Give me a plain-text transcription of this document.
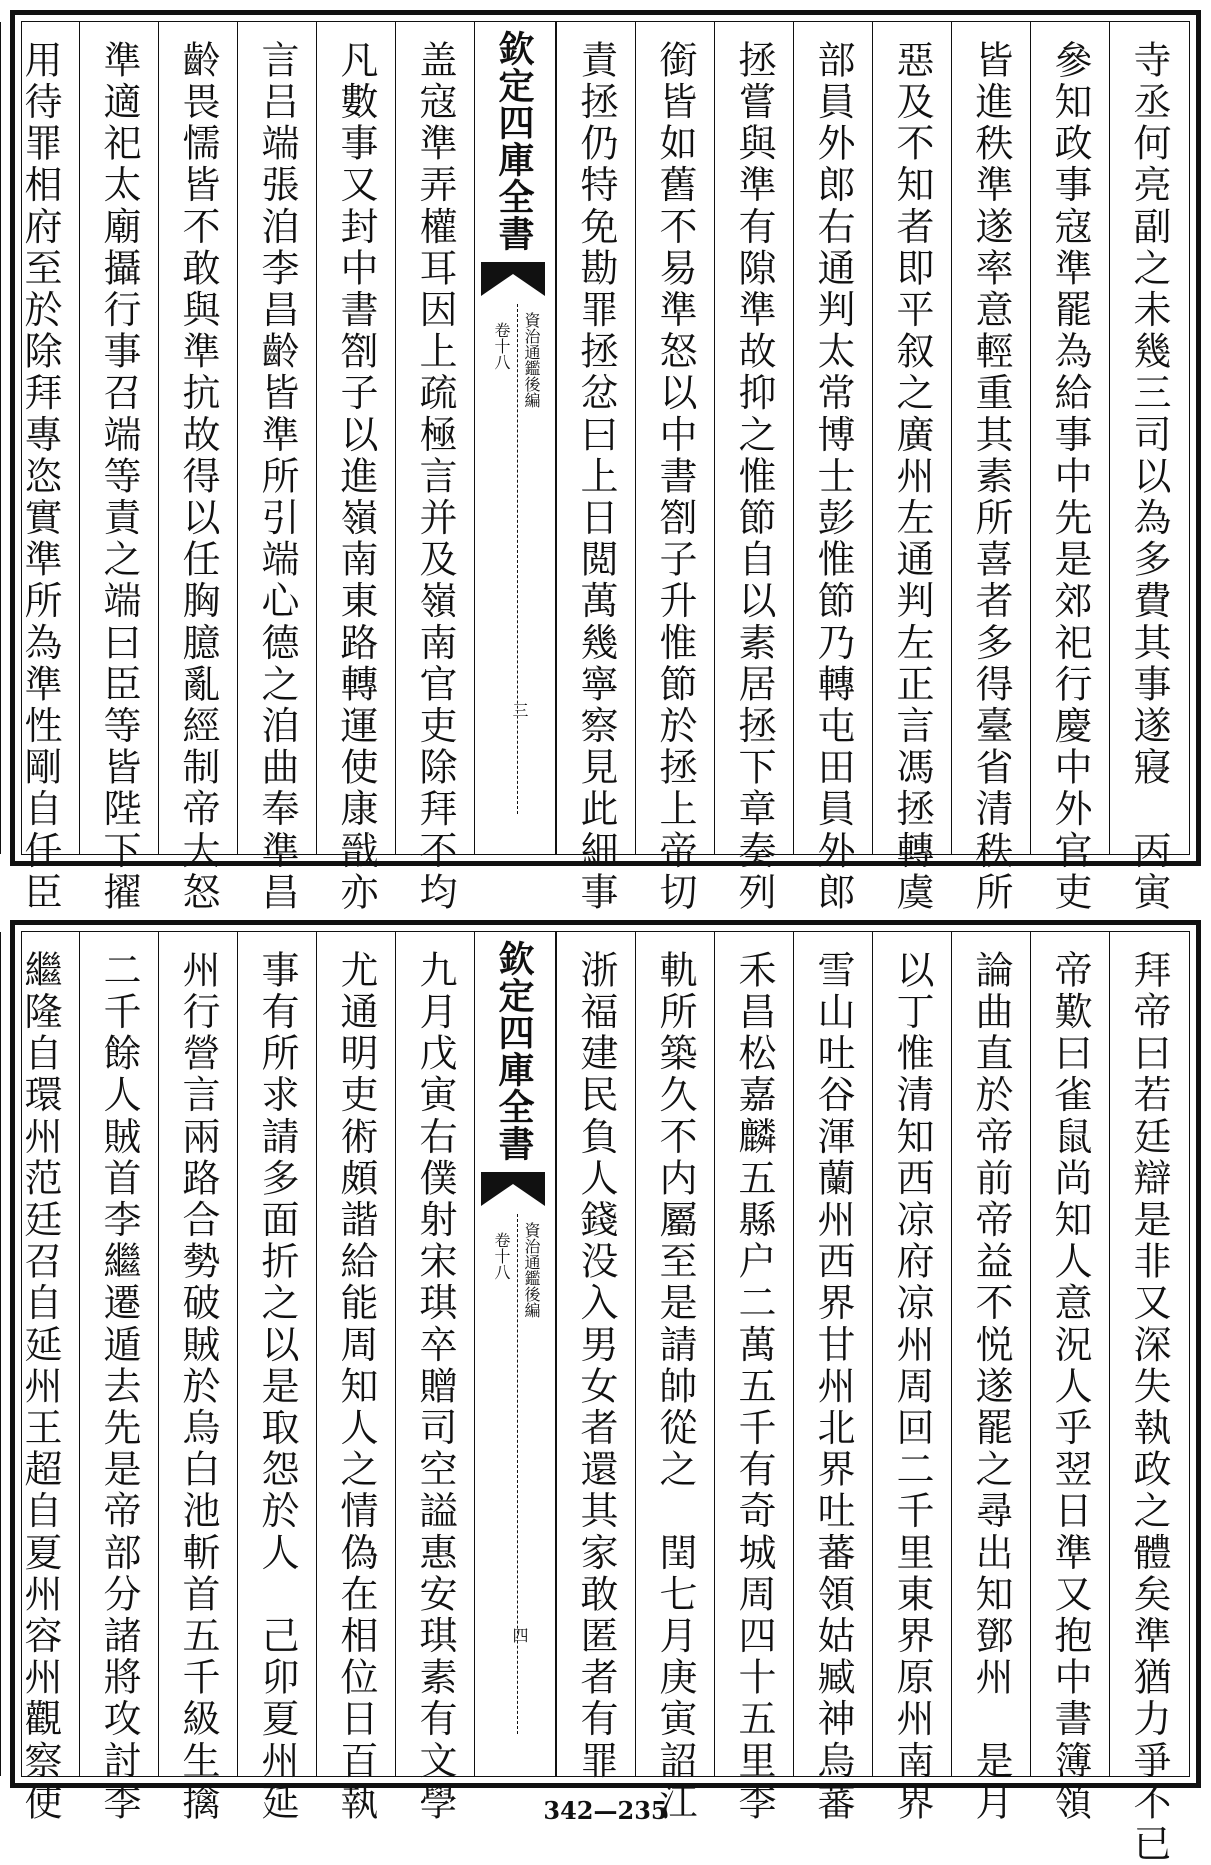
寺丞何亮副之未幾三司以為多費其事遂寢　丙寅
參知政事寇準罷為給事中先是郊祀行慶中外官吏
皆進秩準遂率意輕重其素所喜者多得臺省清秩所
惡及不知者即平叙之廣州左通判左正言馮拯轉虞
部員外郎右通判太常博士彭惟節乃轉屯田員外郎
拯嘗與準有隙準故抑之惟節自以素居拯下章奏列
銜皆如舊不易準怒以中書劄子升惟節於拯上帝切
責拯仍特免勘罪拯忿曰上日閲萬幾寧察見此細事
欽定四庫全書
資治通鑑後編
卷十八
三
盖寇準弄權耳因上疏極言并及嶺南官吏除拜不均
凡數事又封中書劄子以進嶺南東路轉運使康戩亦
言吕端張洎李昌齡皆準所引端心德之洎曲奉準昌
齡畏懦皆不敢與準抗故得以任胸臆亂經制帝大怒
準適祀太廟攝行事召端等責之端曰臣等皆陛下擢
用待罪相府至於除拜專恣實準所為準性剛自任臣
拜帝曰若廷辯是非又深失執政之體矣準猶力爭不已
帝歎曰雀鼠尚知人意況人乎翌日準又抱中書簿領
論曲直於帝前帝益不悦遂罷之尋出知鄧州　是月
以丁惟清知西凉府凉州周回二千里東界原州南界
雪山吐谷渾蘭州西界甘州北界吐蕃領姑臧神烏蕃
禾昌松嘉麟五縣户二萬五千有奇城周四十五里李
軌所築久不内屬至是請帥從之　閏七月庚寅詔江
浙福建民負人錢没入男女者還其家敢匿者有罪
欽定四庫全書
資治通鑑後編
卷十八
四
九月戊寅右僕射宋琪卒贈司空謚惠安琪素有文學
尤通明吏術頗諧給能周知人之情偽在相位日百執
事有所求請多面折之以是取怨於人　己卯夏州延
州行營言兩路合勢破賊於烏白池斬首五千級生擒
二千餘人賊首李繼遷遁去先是帝部分諸將攻討李
繼隆自環州范廷召自延州王超自夏州容州觀察使	342—235
